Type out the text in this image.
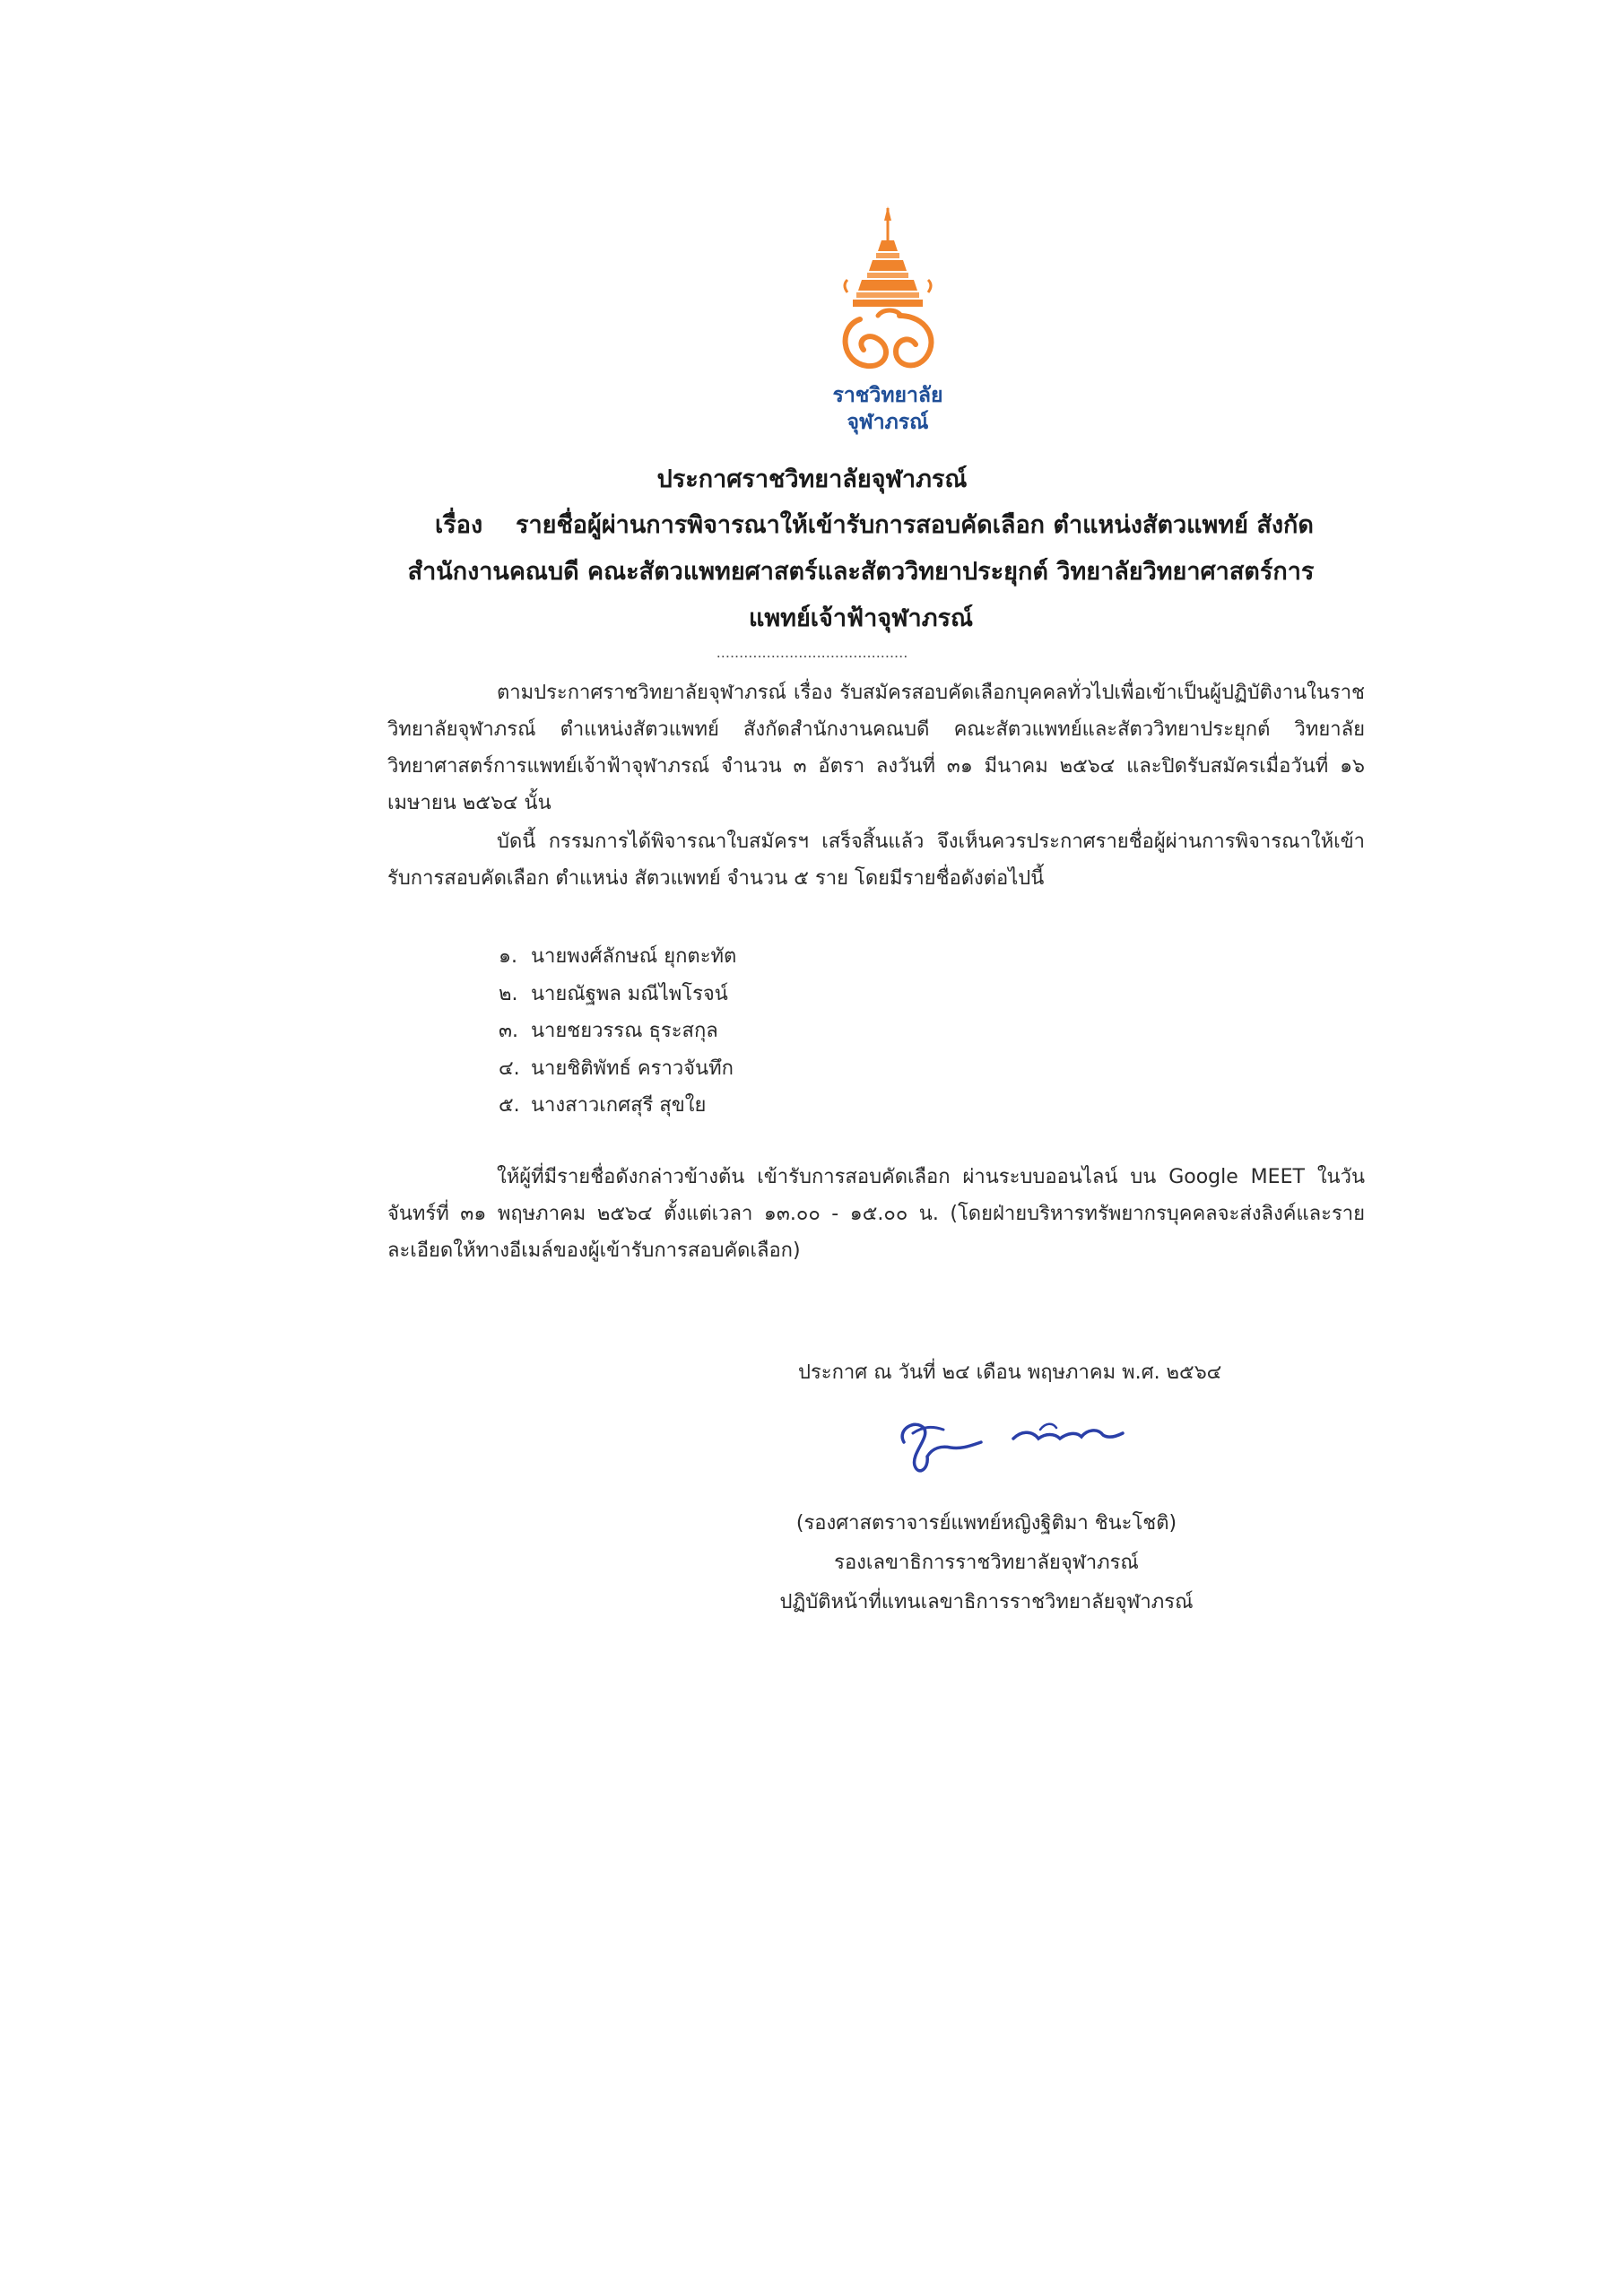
ราชวิทยาลัย
จุฬาภรณ์
ประกาศราชวิทยาลัยจุฬาภรณ์
เรื่อง รายชื่อผู้ผ่านการพิจารณาให้เข้ารับการสอบคัดเลือก ตำแหน่งสัตวแพทย์ สังกัด
สำนักงานคณบดี คณะสัตวแพทยศาสตร์และสัตววิทยาประยุกต์ วิทยาลัยวิทยาศาสตร์การ
แพทย์เจ้าฟ้าจุฬาภรณ์
..........................................
ตามประกาศราชวิทยาลัยจุฬาภรณ์ เรื่อง รับสมัครสอบคัดเลือกบุคคลทั่วไปเพื่อเข้าเป็นผู้ปฏิบัติงานในราชวิทยาลัยจุฬาภรณ์ ตำแหน่งสัตวแพทย์ สังกัดสำนักงานคณบดี คณะสัตวแพทย์และสัตววิทยาประยุกต์ วิทยาลัยวิทยาศาสตร์การแพทย์เจ้าฟ้าจุฬาภรณ์ จำนวน ๓ อัตรา ลงวันที่ ๓๑ มีนาคม ๒๕๖๔ และปิดรับสมัครเมื่อวันที่ ๑๖ เมษายน ๒๕๖๔ นั้น
บัดนี้ กรรมการได้พิจารณาใบสมัครฯ เสร็จสิ้นแล้ว จึงเห็นควรประกาศรายชื่อผู้ผ่านการพิจารณาให้เข้ารับการสอบคัดเลือก ตำแหน่ง สัตวแพทย์ จำนวน ๕ ราย โดยมีรายชื่อดังต่อไปนี้
๑. นายพงศ์ลักษณ์ ยุกตะทัต
๒. นายณัฐพล มณีไพโรจน์
๓. นายชยวรรณ ธุระสกุล
๔. นายชิติพัทธ์ คราวจันทึก
๕. นางสาวเกศสุรี สุขใย
ให้ผู้ที่มีรายชื่อดังกล่าวข้างต้น เข้ารับการสอบคัดเลือก ผ่านระบบออนไลน์ บน Google MEET ในวันจันทร์ที่ ๓๑ พฤษภาคม ๒๕๖๔ ตั้งแต่เวลา ๑๓.๐๐ - ๑๕.๐๐ น. (โดยฝ่ายบริหารทรัพยากรบุคคลจะส่งลิงค์และรายละเอียดให้ทางอีเมล์ของผู้เข้ารับการสอบคัดเลือก)
ประกาศ ณ วันที่ ๒๔ เดือน พฤษภาคม พ.ศ. ๒๕๖๔
(รองศาสตราจารย์แพทย์หญิงฐิติมา ชินะโชติ)
รองเลขาธิการราชวิทยาลัยจุฬาภรณ์
ปฏิบัติหน้าที่แทนเลขาธิการราชวิทยาลัยจุฬาภรณ์
